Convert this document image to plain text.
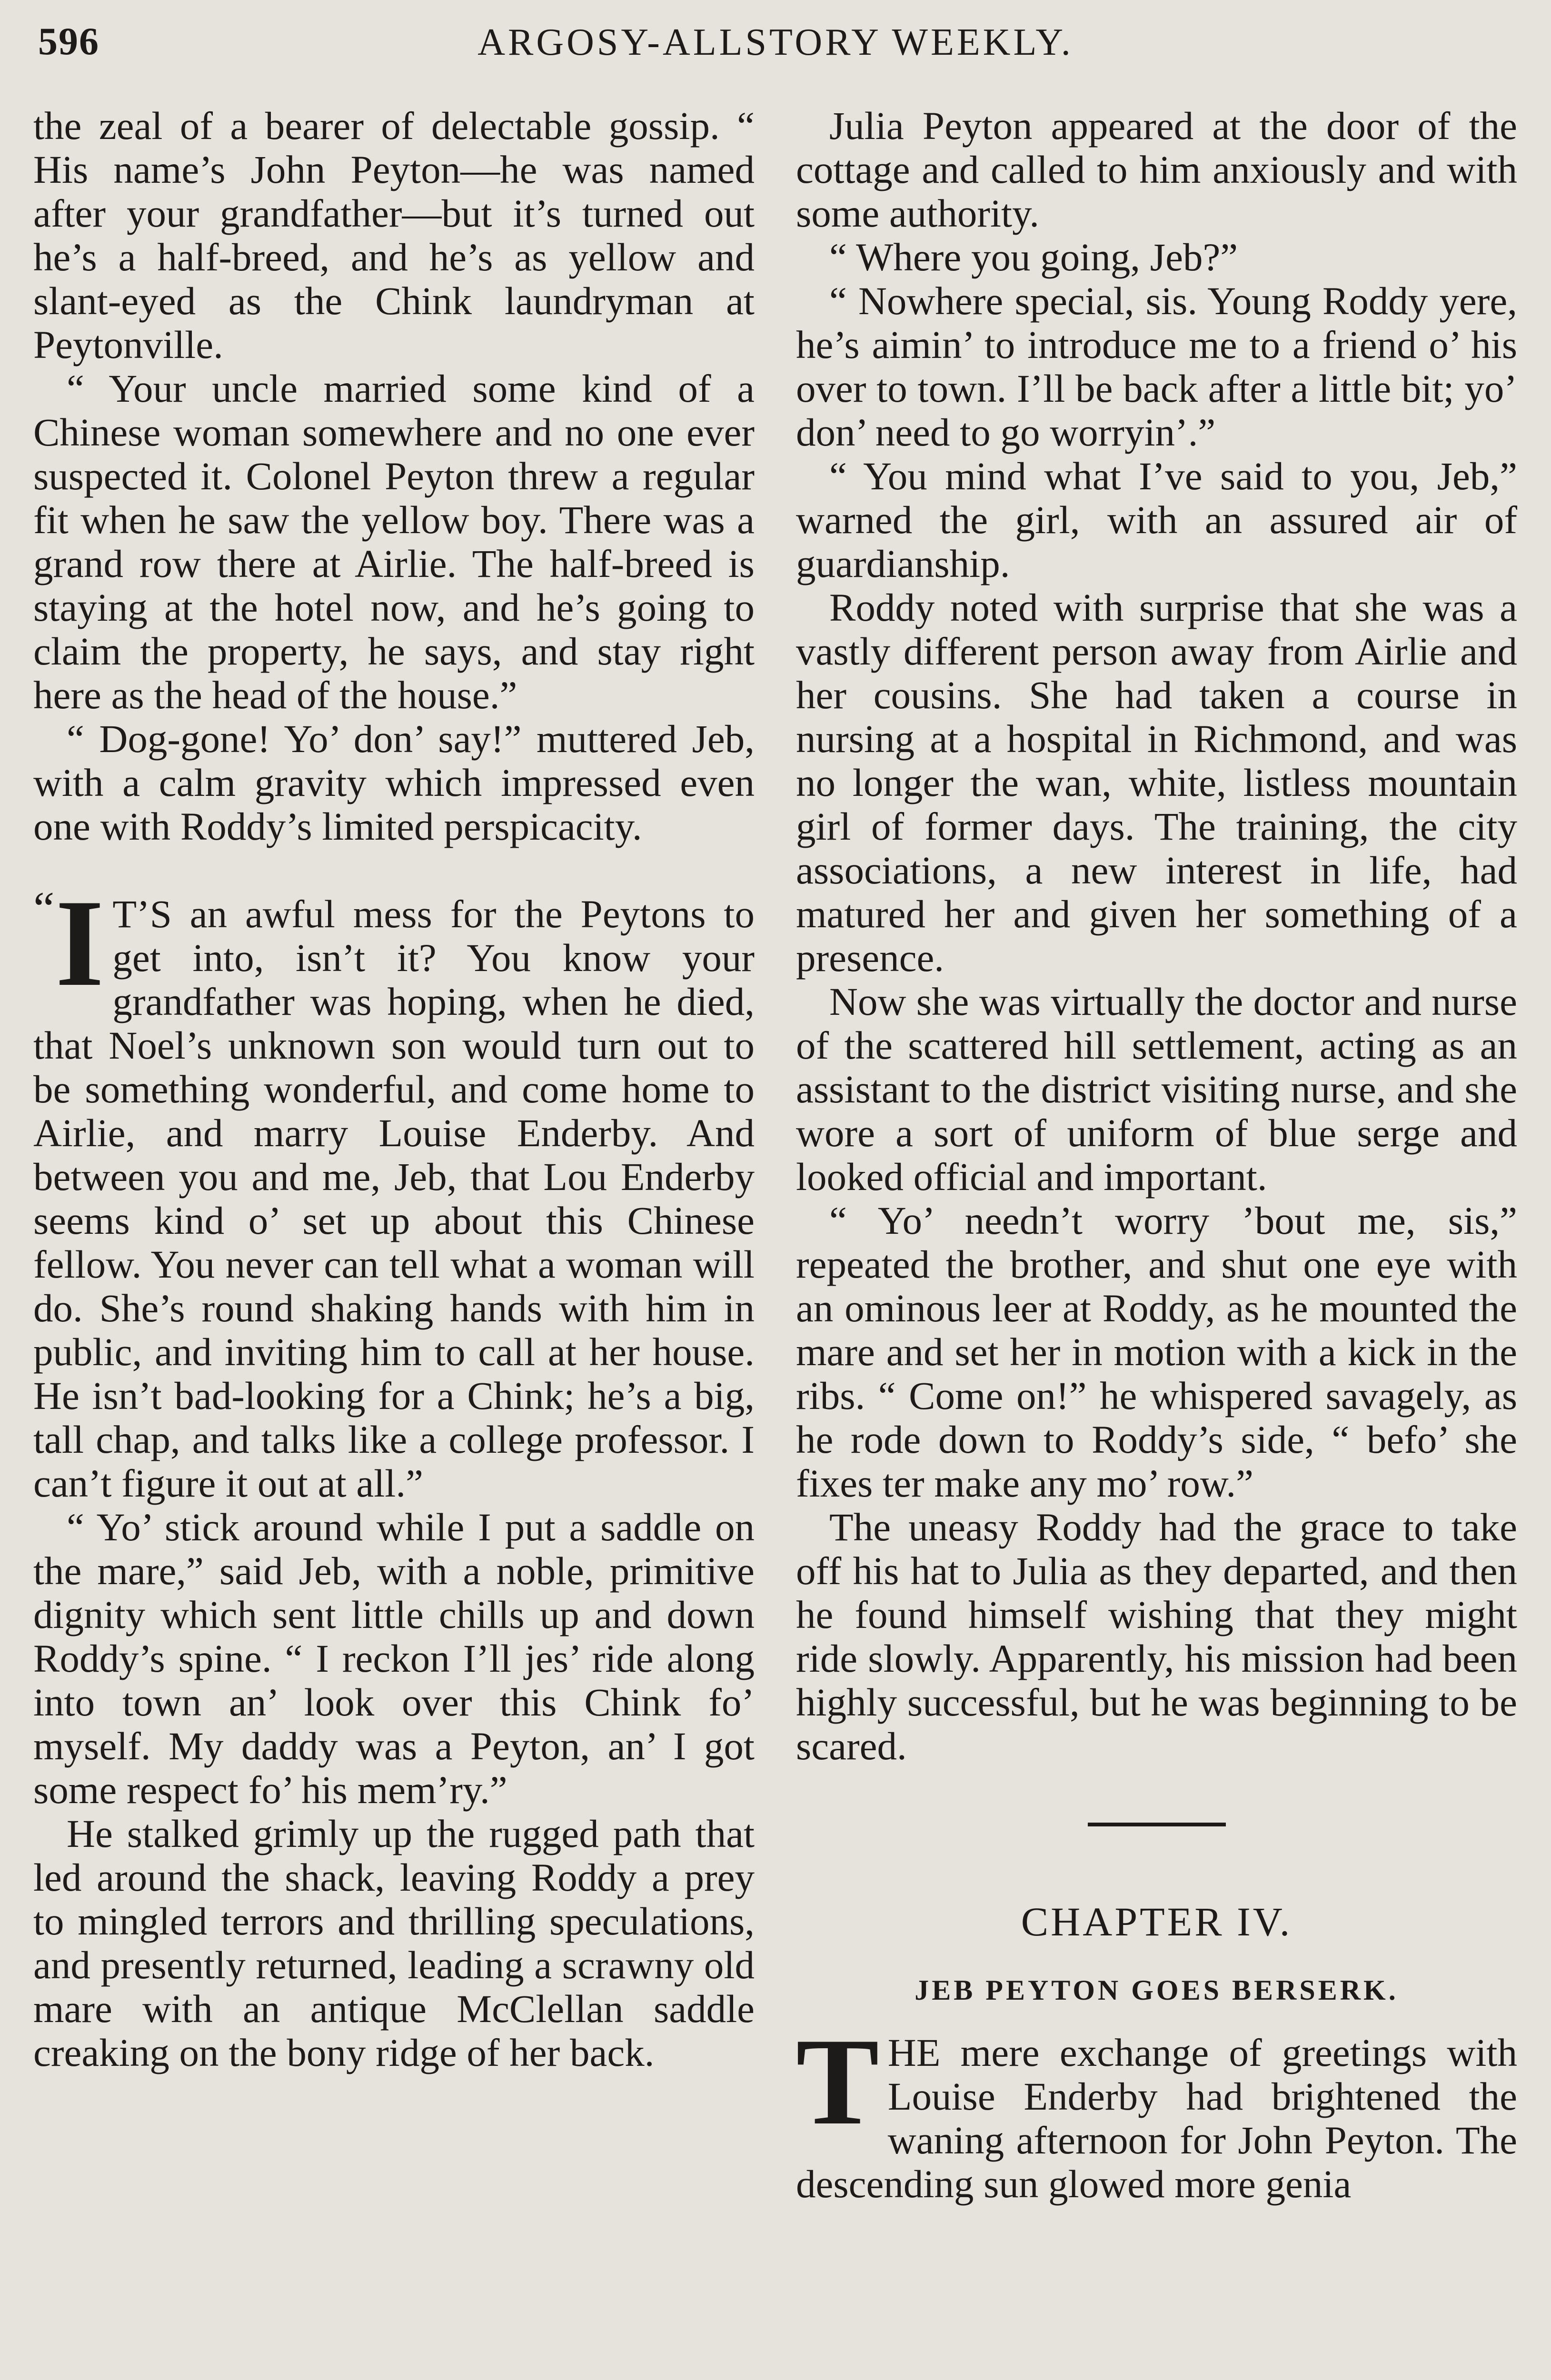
596	ARGOSY-ALLSTORY WEEKLY.

the zeal of a bearer of delectable gossip. “ His name’s John Peyton—he was named after your grandfather—but it’s turned out he’s a half-breed, and he’s as yellow and slant-eyed as the Chink laundryman at Peytonville.

“ Your uncle married some kind of a Chinese woman somewhere and no one ever suspected it. Colonel Peyton threw a regular fit when he saw the yellow boy. There was a grand row there at Airlie. The half-breed is staying at the hotel now, and he’s going to claim the property, he says, and stay right here as the head of the house.”

“ Dog-gone! Yo’ don’ say!” muttered Jeb, with a calm gravity which impressed even one with Roddy’s limited perspicacity.

“ I T’S an awful mess for the Peytons to get into, isn’t it? You know your grandfather was hoping, when he died, that Noel’s unknown son would turn out to be something wonderful, and come home to Airlie, and marry Louise Enderby. And between you and me, Jeb, that Lou Enderby seems kind o’ set up about this Chinese fellow. You never can tell what a woman will do. She’s round shaking hands with him in public, and inviting him to call at her house. He isn’t bad-looking for a Chink; he’s a big, tall chap, and talks like a college professor. I can’t figure it out at all.”

“ Yo’ stick around while I put a saddle on the mare,” said Jeb, with a noble, primitive dignity which sent little chills up and down Roddy’s spine. “ I reckon I’ll jes’ ride along into town an’ look over this Chink fo’ myself. My daddy was a Peyton, an’ I got some respect fo’ his mem’ry.”

He stalked grimly up the rugged path that led around the shack, leaving Roddy a prey to mingled terrors and thrilling speculations, and presently returned, leading a scrawny old mare with an antique McClellan saddle creaking on the bony ridge of her back.

Julia Peyton appeared at the door of the cottage and called to him anxiously and with some authority.

“ Where you going, Jeb?”

“ Nowhere special, sis. Young Roddy yere, he’s aimin’ to introduce me to a friend o’ his over to town. I’ll be back after a little bit; yo’ don’ need to go worryin’.”

“ You mind what I’ve said to you, Jeb,” warned the girl, with an assured air of guardianship.

Roddy noted with surprise that she was a vastly different person away from Airlie and her cousins. She had taken a course in nursing at a hospital in Richmond, and was no longer the wan, white, listless mountain girl of former days. The training, the city associations, a new interest in life, had matured her and given her something of a presence.

Now she was virtually the doctor and nurse of the scattered hill settlement, acting as an assistant to the district visiting nurse, and she wore a sort of uniform of blue serge and looked official and important.

“ Yo’ needn’t worry ’bout me, sis,” repeated the brother, and shut one eye with an ominous leer at Roddy, as he mounted the mare and set her in motion with a kick in the ribs. “ Come on!” he whispered savagely, as he rode down to Roddy’s side, “ befo’ she fixes ter make any mo’ row.”

The uneasy Roddy had the grace to take off his hat to Julia as they departed, and then he found himself wishing that they might ride slowly. Apparently, his mission had been highly successful, but he was beginning to be scared.

CHAPTER IV.
JEB PEYTON GOES BERSERK.

THE mere exchange of greetings with Louise Enderby had brightened the waning afternoon for John Peyton. The descending sun glowed more genia
